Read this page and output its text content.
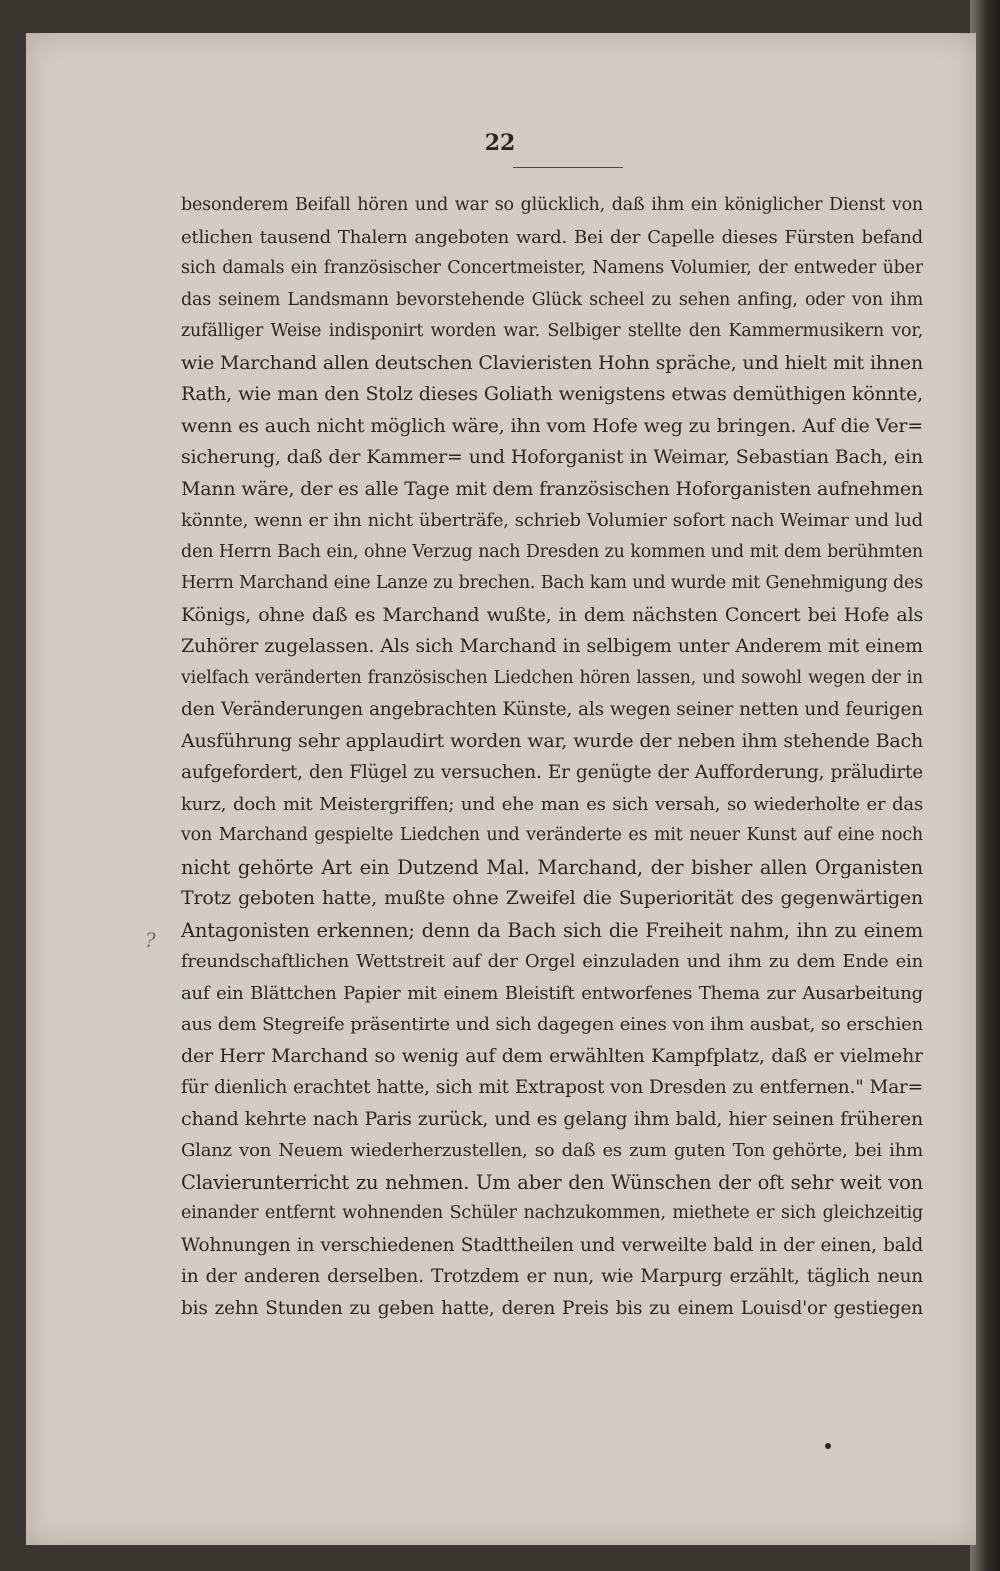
22
?
besonderem Beifall hören und war so glücklich, daß ihm ein königlicher Dienst von
etlichen tausend Thalern angeboten ward. Bei der Capelle dieses Fürsten befand
sich damals ein französischer Concertmeister, Namens Volumier, der entweder über
das seinem Landsmann bevorstehende Glück scheel zu sehen anfing, oder von ihm
zufälliger Weise indisponirt worden war. Selbiger stellte den Kammermusikern vor,
wie Marchand allen deutschen Clavieristen Hohn spräche, und hielt mit ihnen
Rath, wie man den Stolz dieses Goliath wenigstens etwas demüthigen könnte,
wenn es auch nicht möglich wäre, ihn vom Hofe weg zu bringen. Auf die Ver=
sicherung, daß der Kammer= und Hoforganist in Weimar, Sebastian Bach, ein
Mann wäre, der es alle Tage mit dem französischen Hoforganisten aufnehmen
könnte, wenn er ihn nicht überträfe, schrieb Volumier sofort nach Weimar und lud
den Herrn Bach ein, ohne Verzug nach Dresden zu kommen und mit dem berühmten
Herrn Marchand eine Lanze zu brechen. Bach kam und wurde mit Genehmigung des
Königs, ohne daß es Marchand wußte, in dem nächsten Concert bei Hofe als
Zuhörer zugelassen. Als sich Marchand in selbigem unter Anderem mit einem
vielfach veränderten französischen Liedchen hören lassen, und sowohl wegen der in
den Veränderungen angebrachten Künste, als wegen seiner netten und feurigen
Ausführung sehr applaudirt worden war, wurde der neben ihm stehende Bach
aufgefordert, den Flügel zu versuchen. Er genügte der Aufforderung, präludirte
kurz, doch mit Meistergriffen; und ehe man es sich versah, so wiederholte er das
von Marchand gespielte Liedchen und veränderte es mit neuer Kunst auf eine noch
nicht gehörte Art ein Dutzend Mal. Marchand, der bisher allen Organisten
Trotz geboten hatte, mußte ohne Zweifel die Superiorität des gegenwärtigen
Antagonisten erkennen; denn da Bach sich die Freiheit nahm, ihn zu einem
freundschaftlichen Wettstreit auf der Orgel einzuladen und ihm zu dem Ende ein
auf ein Blättchen Papier mit einem Bleistift entworfenes Thema zur Ausarbeitung
aus dem Stegreife präsentirte und sich dagegen eines von ihm ausbat, so erschien
der Herr Marchand so wenig auf dem erwählten Kampfplatz, daß er vielmehr
für dienlich erachtet hatte, sich mit Extrapost von Dresden zu entfernen." Mar=
chand kehrte nach Paris zurück, und es gelang ihm bald, hier seinen früheren
Glanz von Neuem wiederherzustellen, so daß es zum guten Ton gehörte, bei ihm
Clavierunterricht zu nehmen. Um aber den Wünschen der oft sehr weit von
einander entfernt wohnenden Schüler nachzukommen, miethete er sich gleichzeitig
Wohnungen in verschiedenen Stadttheilen und verweilte bald in der einen, bald
in der anderen derselben. Trotzdem er nun, wie Marpurg erzählt, täglich neun
bis zehn Stunden zu geben hatte, deren Preis bis zu einem Louisd'or gestiegen
